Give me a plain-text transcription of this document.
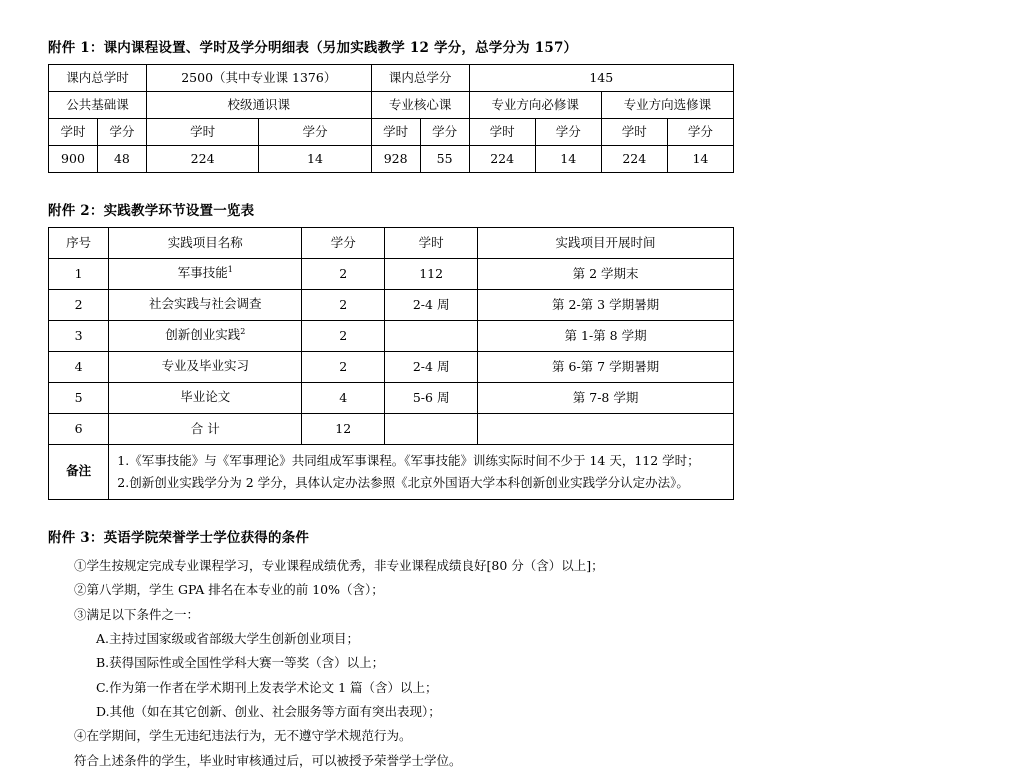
附件 1：课内课程设置、学时及学分明细表（另加实践教学 12 学分，总学分为 157）
课内总学时		2500（其中专业课 1376）		课内总学分		145			
公共基础课		校级通识课		专业核心课		专业方向必修课		专业方向选修课	
学时	学分	学时	学分	学时	学分	学时	学分	学时	学分
900	48	224	14	928	55	224	14	224	14
附件 2：实践教学环节设置一览表
序号	实践项目名称	学分	学时	实践项目开展时间
1	军事技能$^1$	2	112	第 2 学期末
2	社会实践与社会调查	2	2-4 周	第 2-第 3 学期暑期
3	创新创业实践$^2$	2		第 1-第 8 学期
4	专业及毕业实习	2	2-4 周	第 6-第 7 学期暑期
5	毕业论文	4	5-6 周	第 7-8 学期
6	合 计	12		
备注	1.《军事技能》与《军事理论》共同组成军事课程。《军事技能》训练实际时间不少于 14 天，112 学时；
2.创新创业实践学分为 2 学分，具体认定办法参照《北京外国语大学本科创新创业实践学分认定办法》。			
附件 3：英语学院荣誉学士学位获得的条件
①学生按规定完成专业课程学习，专业课程成绩优秀，非专业课程成绩良好[80 分（含）以上]；
②第八学期，学生 GPA 排名在本专业的前 10%（含）；
③满足以下条件之一：
A.主持过国家级或省部级大学生创新创业项目；
B.获得国际性或全国性学科大赛一等奖（含）以上；
C.作为第一作者在学术期刊上发表学术论文 1 篇（含）以上；
D.其他（如在其它创新、创业、社会服务等方面有突出表现）；
④在学期间，学生无违纪违法行为，无不遵守学术规范行为。
符合上述条件的学生，毕业时审核通过后，可以被授予荣誉学士学位。
